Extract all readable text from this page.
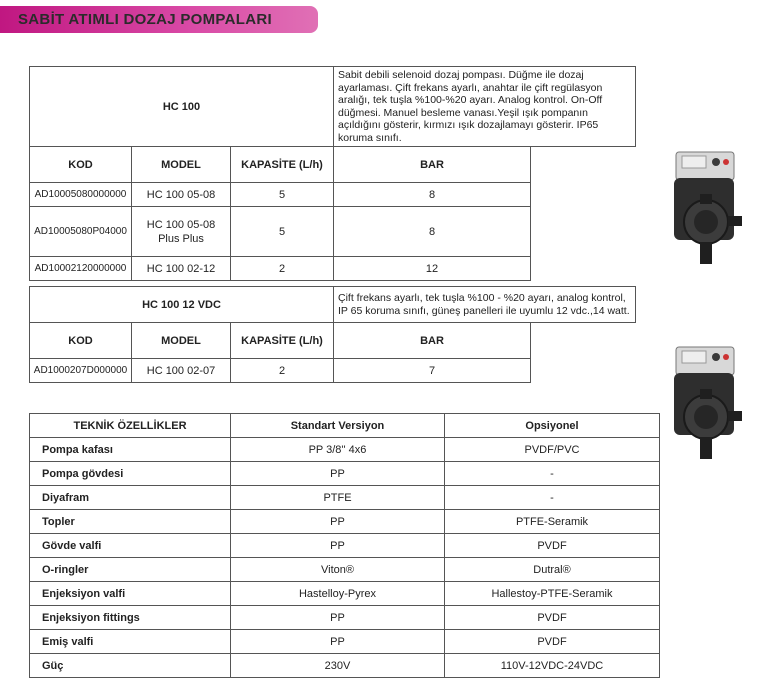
SABİT ATIMLI DOZAJ POMPALARI
HC 100			Sabit debili selenoid dozaj pompası. Düğme ile dozaj ayarlaması. Çift frekans ayarlı, anahtar ile çift regülasyon aralığı, tek tuşla %100-%20 ayarı. Analog kontrol. On-Off düğmesi. Manuel besleme vanası.Yeşil ışık pompanın açıldığını gösterir, kırmızı ışık dozajlamayı gösterir. IP65 koruma sınıfı.	
KOD	MODEL	KAPASİTE (L/h)	BAR	
AD10005080000000	HC 100 05-08	5	8	
AD10005080P04000	HC 100 05-08 Plus Plus	5	8	
AD10002120000000	HC 100 02-12	2	12	
HC 100 12 VDC			Çift frekans ayarlı, tek tuşla %100 - %20 ayarı, analog kontrol, IP 65 koruma sınıfı, güneş panelleri ile uyumlu 12 vdc.,14 watt.	
KOD	MODEL	KAPASİTE (L/h)	BAR	
AD1000207D000000	HC 100 02-07	2	7	
TEKNİK ÖZELLİKLER	Standart Versiyon	Opsiyonel
Pompa kafası	PP 3/8'' 4x6	PVDF/PVC
Pompa gövdesi	PP	-
Diyafram	PTFE	-
Topler	PP	PTFE-Seramik
Gövde valfi	PP	PVDF
O-ringler	Viton®	Dutral®
Enjeksiyon valfi	Hastelloy-Pyrex	Hallestoy-PTFE-Seramik
Enjeksiyon fittings	PP	PVDF
Emiş valfi	PP	PVDF
Güç	230V	110V-12VDC-24VDC
